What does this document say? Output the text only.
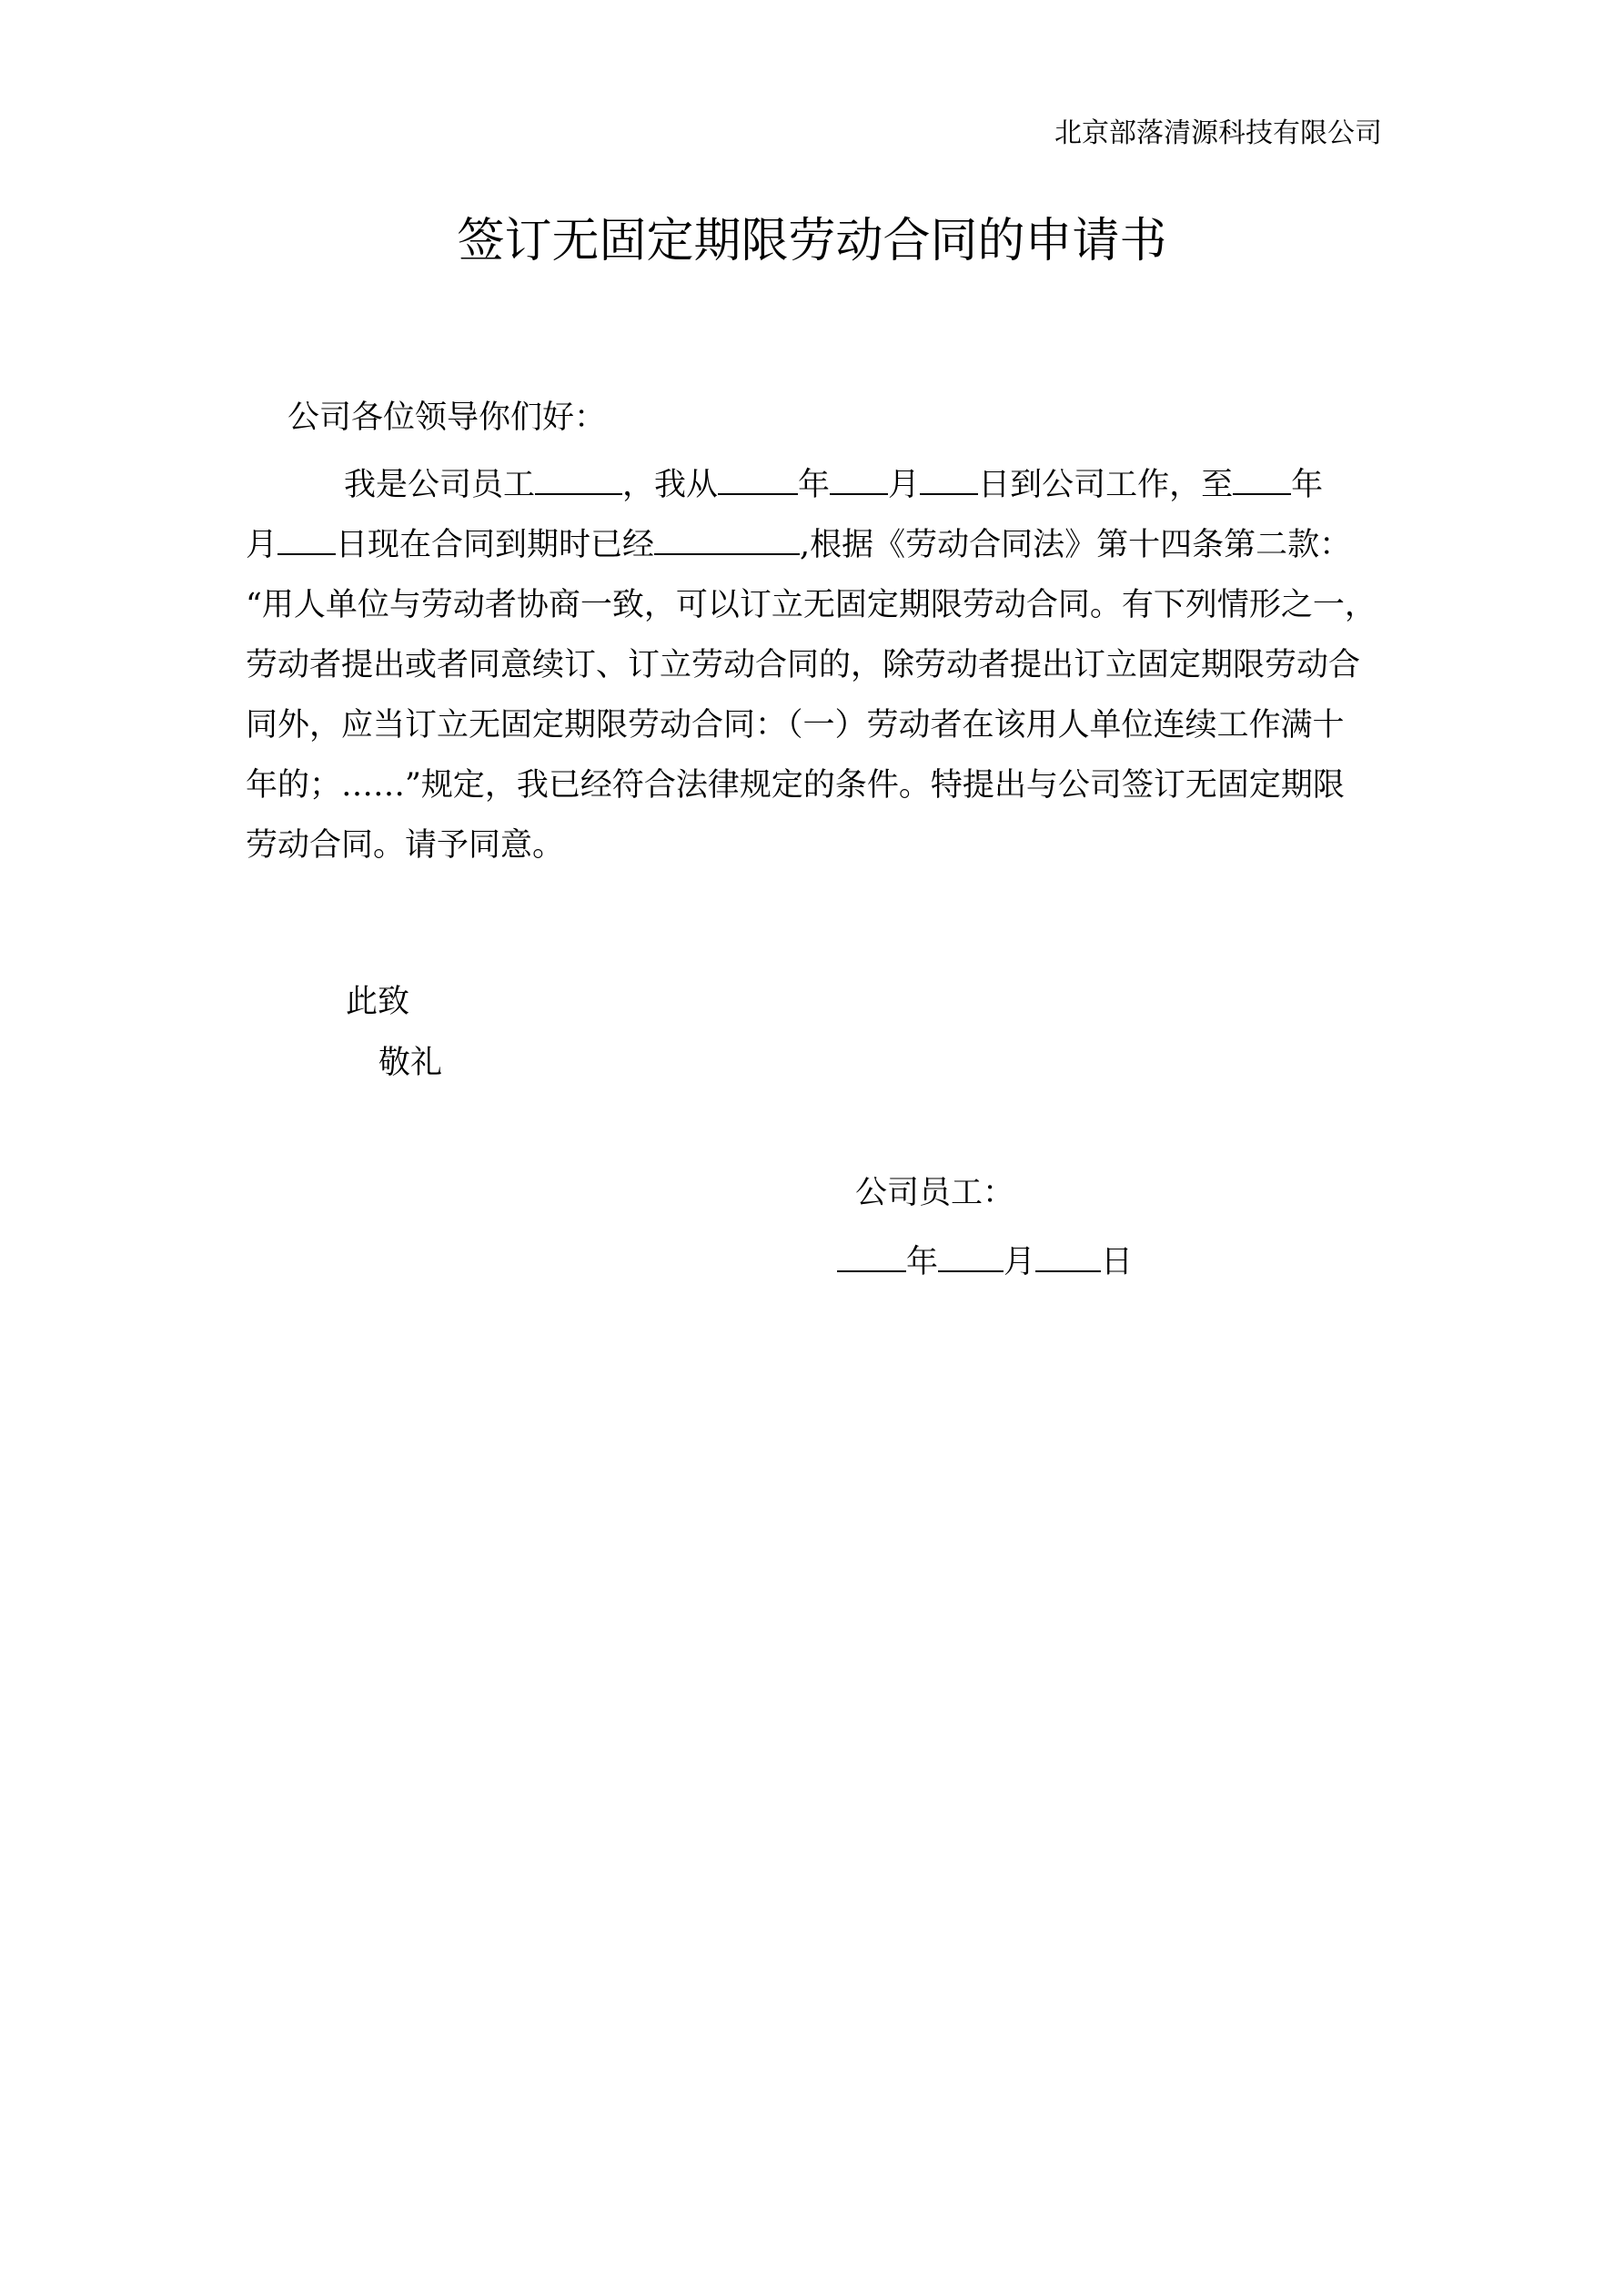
北京部落清源科技有限公司
签订无固定期限劳动合同的申请书
公司各位领导你们好：
我是公司员工	，我从	年 月 日到公司工作，至 年
月 日现在合同到期时已经	,根据《劳动合同法》第十四条第二款：
“用人单位与劳动者协商一致，可以订立无固定期限劳动合同。有下列情形之一，
劳动者提出或者同意续订、订立劳动合同的，除劳动者提出订立固定期限劳动合
同外，应当订立无固定期限劳动合同：（一）劳动者在该用人单位连续工作满十
年的；……”规定，我已经符合法律规定的条件。特提出与公司签订无固定期限
劳动合同。请予同意。
此致
敬礼
公司员工：
年 月 日
